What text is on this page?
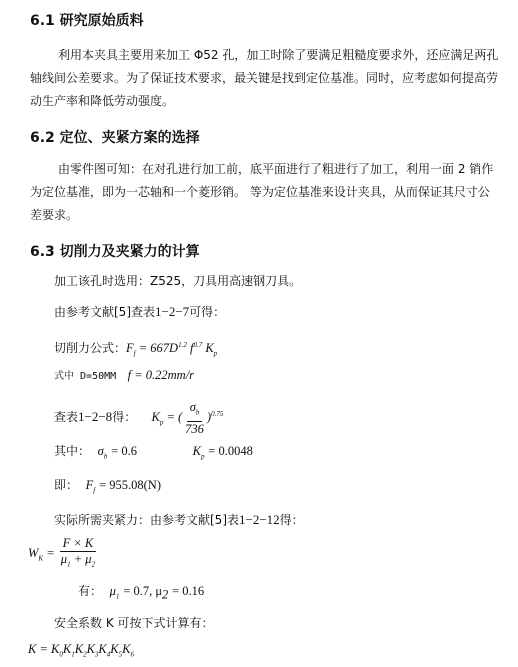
6.1 研究原始质料

利用本夹具主要用来加工 Φ52 孔，加工时除了要满足粗糙度要求外，还应满足两孔轴线间公差要求。为了保证技术要求，最关键是找到定位基准。同时，应考虑如何提高劳动生产率和降低劳动强度。

6.2 定位、夹紧方案的选择

由零件图可知：在对孔进行加工前，底平面进行了粗进行了加工，利用一面 2 销作为定位基准，即为一芯轴和一个菱形销。 等为定位基准来设计夹具，从而保证其尺寸公差要求。

6.3 切削力及夹紧力的计算

加工该孔时选用：Z525，刀具用高速钢刀具。

由参考文献[5]查表1−2−7可得：

切削力公式：$F_f = 667D^{1.2}$ $f^{0.7}$ $K_p$

式中 D=50MM f = 0.22mm/r

查表1−2−8得： $K_p$ = ( $\frac{\sigma_b}{736} )^{0.75}$

其中： $\sigma_b = 0.6$	$K_p = 0.0048$

即： $F_f = 955.08(N)$

实际所需夹紧力：由参考文献[5]表1−2−12得：

$W_K = \frac{F \times K}{\mu_1 + \mu_2}$

有： $\mu_1 = 0.7$, $\mu_2 = 0.16$

安全系数 K 可按下式计算有：

$K = K_0K_1K_2K_3K_4K_5K_6$
